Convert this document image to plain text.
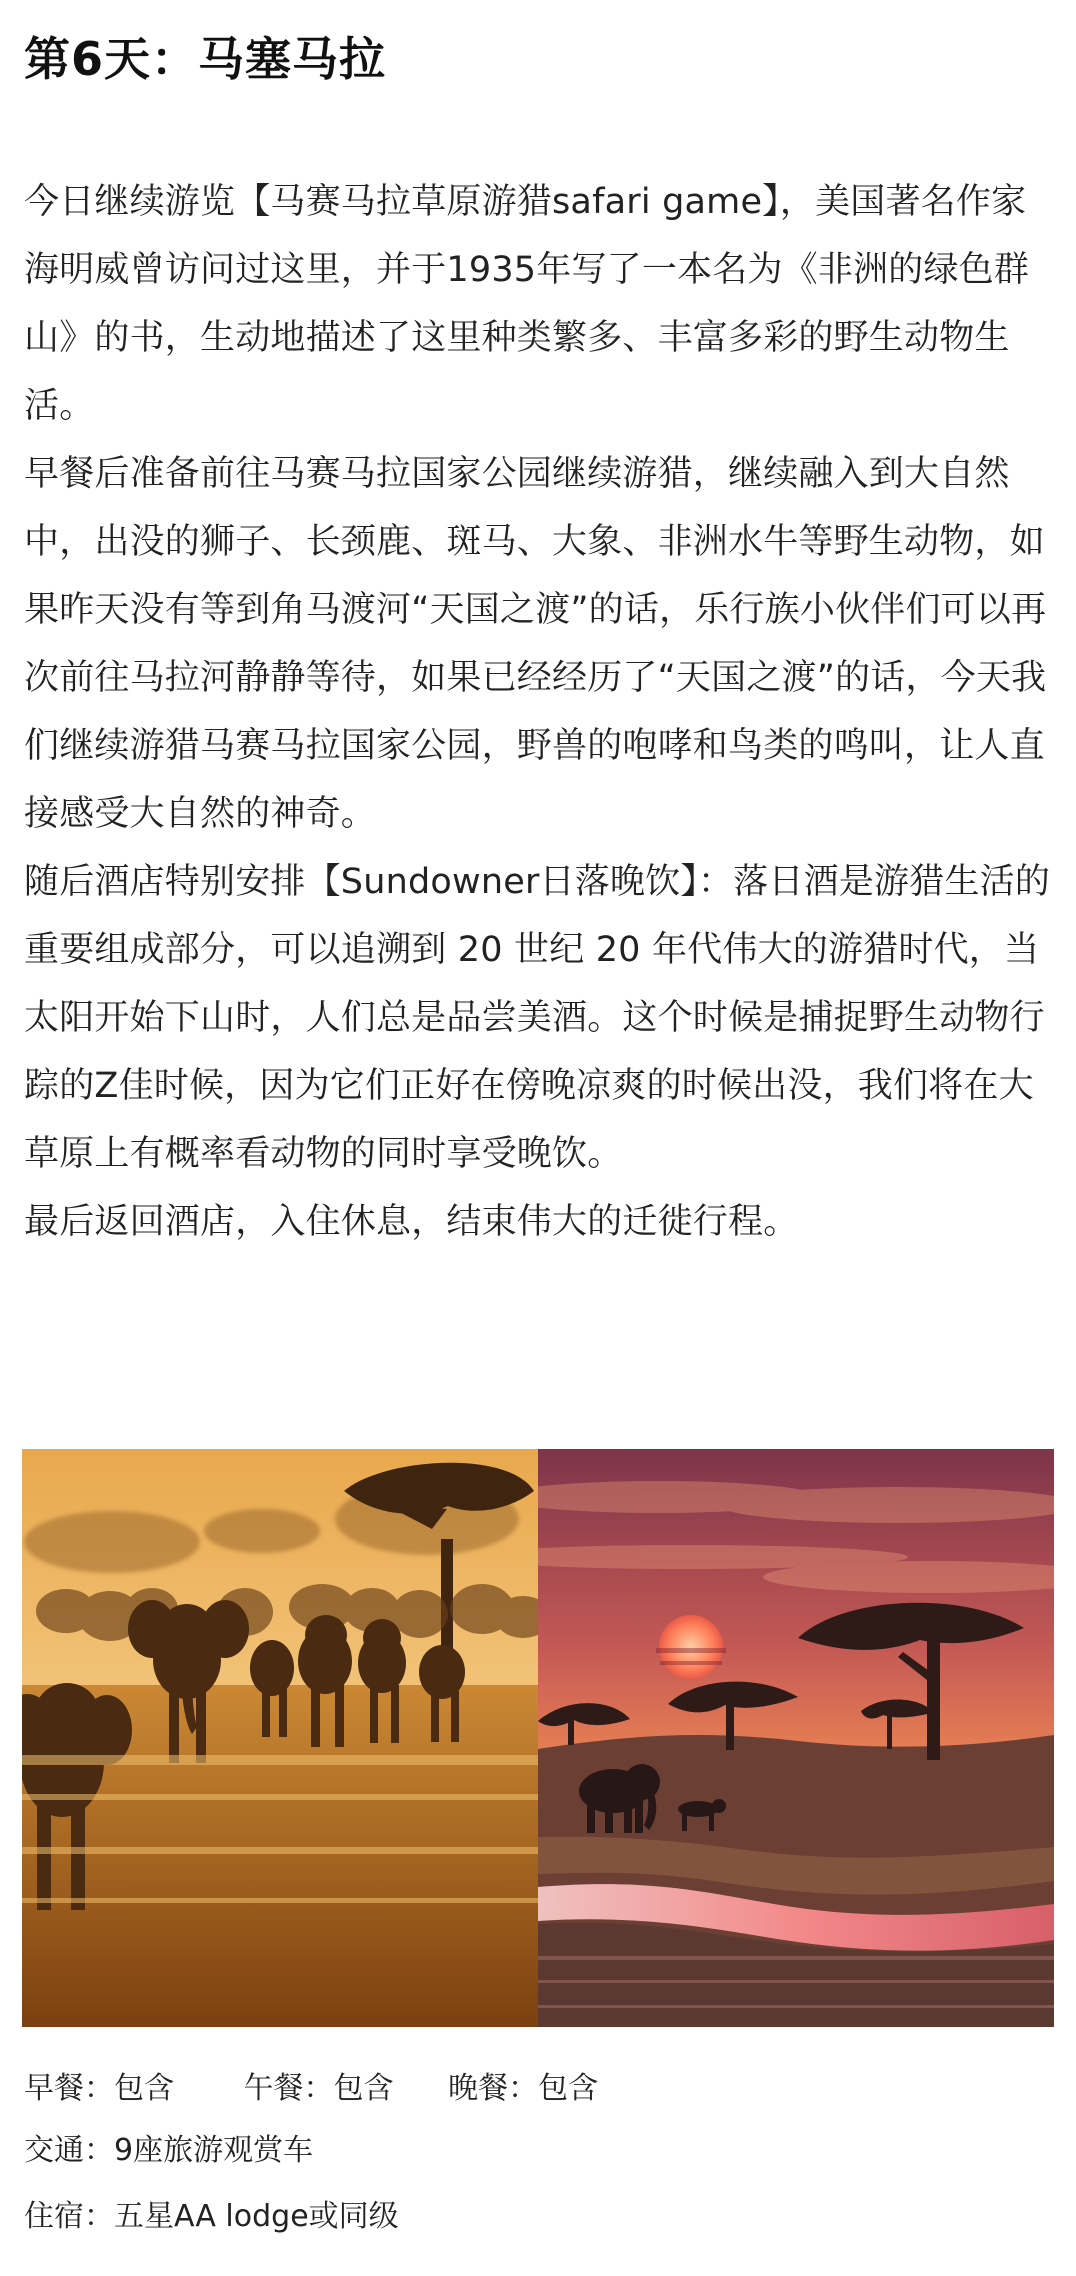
第6天：马塞马拉

今日继续游览【马赛马拉草原游猎safari game】，美国著名作家海明威曾访问过这里，并于1935年写了一本名为《非洲的绿色群山》的书，生动地描述了这里种类繁多、丰富多彩的野生动物生活。

早餐后准备前往马赛马拉国家公园继续游猎，继续融入到大自然中，出没的狮子、长颈鹿、斑马、大象、非洲水牛等野生动物，如果昨天没有等到角马渡河“天国之渡”的话，乐行族小伙伴们可以再次前往马拉河静静等待，如果已经经历了“天国之渡”的话，今天我们继续游猎马赛马拉国家公园，野兽的咆哮和鸟类的鸣叫，让人直接感受大自然的神奇。

随后酒店特别安排【Sundowner日落晚饮】：落日酒是游猎生活的重要组成部分，可以追溯到 20 世纪 20 年代伟大的游猎时代，当太阳开始下山时，人们总是品尝美酒。这个时候是捕捉野生动物行踪的Z佳时候，因为它们正好在傍晚凉爽的时候出没，我们将在大草原上有概率看动物的同时享受晚饮。

最后返回酒店，入住休息，结束伟大的迁徙行程。

早餐：包含 午餐：包含 晚餐：包含
交通：9座旅游观赏车
住宿：五星AA lodge或同级
